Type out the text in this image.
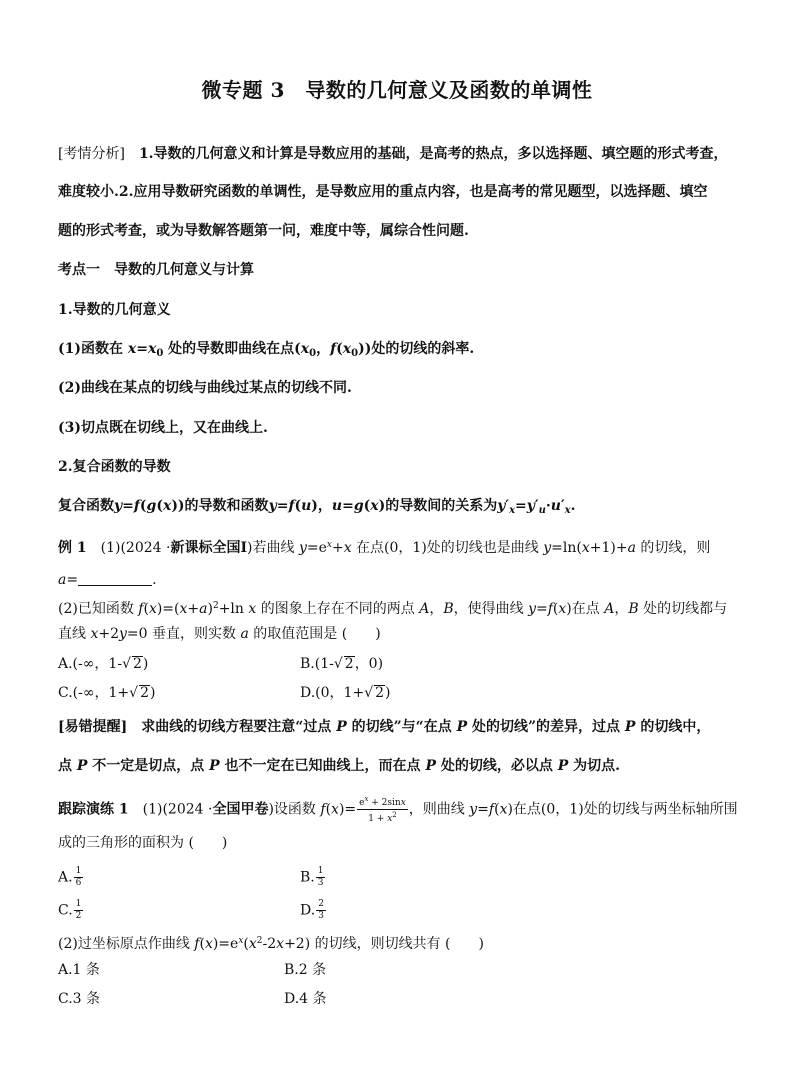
微专题 3　导数的几何意义及函数的单调性
[考情分析]　 1.导数的几何意义和计算是导数应用的基础，是高考的热点，多以选择题、填空题的形式考查，
难度较小.2.应用导数研究函数的单调性，是导数应用的重点内容，也是高考的常见题型，以选择题、填空
题的形式考查，或为导数解答题第一问，难度中等，属综合性问题.
考点一　导数的几何意义与计算
1.导数的几何意义
(1)函数在 $x=x_0$ 处的导数即曲线在点($x_0$，$f(x_0)$)处的切线的斜率.
(2)曲线在某点的切线与曲线过某点的切线不同.
(3)切点既在切线上，又在曲线上.
2.复合函数的导数
复合函数y=f(g(x))的导数和函数y=f(u)，u=g(x)的导数间的关系为$y'_x=y'_u\cdot u'_x$.
例 1　(1)(2024 ·新课标全国Ⅰ)若曲线 $y=e^x+x$ 在点(0，1)处的切线也是曲线 y=ln(x+1)+a 的切线，则
a=	.
(2)已知函数 $f(x)=(x+a)^2+\ln$ x 的图象上存在不同的两点 A，B，使得曲线 y=f(x)在点 A，B 处的切线都与
直线 x+2y=0 垂直，则实数 a 的取值范围是 (　　)
A.(-∞，1-√ 2)	B.(1-√ 2，0)
C.(-∞，1+√ 2)	D.(0，1+√ 2)
[易错提醒]　求曲线的切线方程要注意“过点 P 的切线”与“在点 P 处的切线”的差异，过点 P 的切线中，
点 P 不一定是切点，点 P 也不一定在已知曲线上，而在点 P 处的切线，必以点 P 为切点.
跟踪演练 1　(1)(2024 ·全国甲卷)设函数 $f(x)= \frac{e^x + 2\sin x}{1 + x^2}$ ，则曲线 y=f(x)在点(0，1)处的切线与两坐标轴所围
成的三角形的面积为 (　　)
A. $\frac{1}{6}$	B. $\frac{1}{3}$
C. $\frac{1}{2}$	D. $\frac{2}{3}$
(2)过坐标原点作曲线 $f(x)=e^x(x^2-2x+2)$ 的切线，则切线共有 (　　)
A.1 条	B.2 条
C.3 条	D.4 条
